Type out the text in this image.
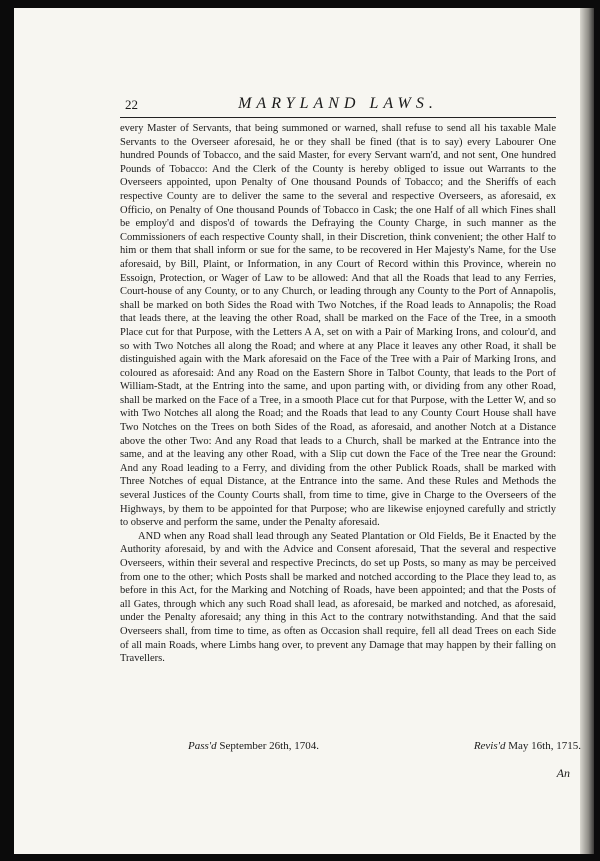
22	MARYLAND LAWS.

every Master of Servants, that being summoned or warned, shall refuse to send all his taxable Male Servants to the Overseer aforesaid, he or they shall be fined (that is to say) every Labourer One hundred Pounds of Tobacco, and the said Master, for every Servant warn'd, and not sent, One hundred Pounds of Tobacco: And the Clerk of the County is hereby obliged to issue out Warrants to the Overseers appointed, upon Penalty of One thousand Pounds of Tobacco; and the Sheriffs of each respective County are to deliver the same to the several and respective Overseers, as aforesaid, ex Officio, on Penalty of One thousand Pounds of Tobacco in Cask; the one Half of all which Fines shall be employ'd and dispos'd of towards the Defraying the County Charge, in such manner as the Commissioners of each respective County shall, in their Discretion, think convenient; the other Half to him or them that shall inform or sue for the same, to be recovered in Her Majesty's Name, for the Use aforesaid, by Bill, Plaint, or Information, in any Court of Record within this Province, wherein no Essoign, Protection, or Wager of Law to be allowed: And that all the Roads that lead to any Ferries, Court-house of any County, or to any Church, or leading through any County to the Port of Annapolis, shall be marked on both Sides the Road with Two Notches, if the Road leads to Annapolis; the Road that leads there, at the leaving the other Road, shall be marked on the Face of the Tree, in a smooth Place cut for that Purpose, with the Letters A A, set on with a Pair of Marking Irons, and colour'd, and so with Two Notches all along the Road; and where at any Place it leaves any other Road, it shall be distinguished again with the Mark aforesaid on the Face of the Tree with a Pair of Marking Irons, and coloured as aforesaid: And any Road on the Eastern Shore in Talbot County, that leads to the Port of William-Stadt, at the Entring into the same, and upon parting with, or dividing from any other Road, shall be marked on the Face of a Tree, in a smooth Place cut for that Purpose, with the Letter W, and so with Two Notches all along the Road; and the Roads that lead to any County Court House shall have Two Notches on the Trees on both Sides of the Road, as aforesaid, and another Notch at a Distance above the other Two: And any Road that leads to a Church, shall be marked at the Entrance into the same, and at the leaving any other Road, with a Slip cut down the Face of the Tree near the Ground: And any Road leading to a Ferry, and dividing from the other Publick Roads, shall be marked with Three Notches of equal Distance, at the Entrance into the same. And these Rules and Methods the several Justices of the County Courts shall, from time to time, give in Charge to the Overseers of the Highways, by them to be appointed for that Purpose; who are likewise enjoyned carefully and strictly to observe and perform the same, under the Penalty aforesaid.

AND when any Road shall lead through any Seated Plantation or Old Fields, Be it Enacted by the Authority aforesaid, by and with the Advice and Consent aforesaid, That the several and respective Overseers, within their several and respective Precincts, do set up Posts, so many as may be perceived from one to the other; which Posts shall be marked and notched according to the Place they lead to, as before in this Act, for the Marking and Notching of Roads, have been appointed; and that the Posts of all Gates, through which any such Road shall lead, as aforesaid, be marked and notched, as aforesaid, under the Penalty aforesaid; any thing in this Act to the contrary notwithstanding. And that the said Overseers shall, from time to time, as often as Occasion shall require, fell all dead Trees on each Side of all main Roads, where Limbs hang over, to prevent any Damage that may happen by their falling on Travellers.

Pass'd September 26th, 1704.	Revis'd May 16th, 1715.
An
